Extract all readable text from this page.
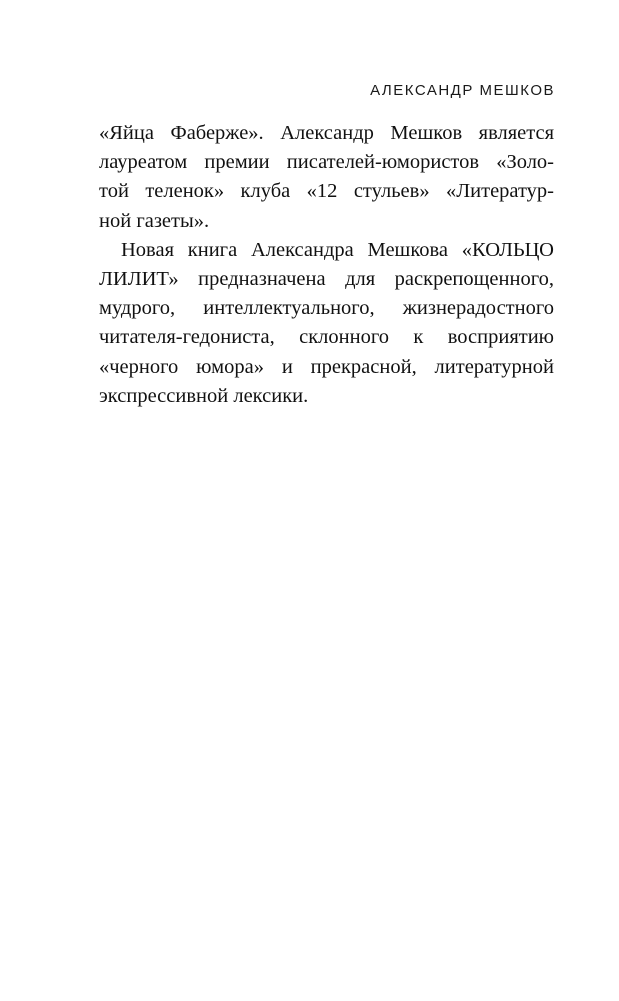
АЛЕКСАНДР МЕШКОВ
«Яйца Фаберже». Александр Мешков является
лауреатом премии писателей-юмористов «Золо-
той теленок» клуба «12 стульев» «Литератур-
ной газеты».
Новая книга Александра Мешкова «КОЛЬЦО
ЛИЛИТ» предназначена для раскрепощенного,
мудрого, интеллектуального, жизнерадостного
читателя-гедониста, склонного к восприятию
«черного юмора» и прекрасной, литературной
экспрессивной лексики.
